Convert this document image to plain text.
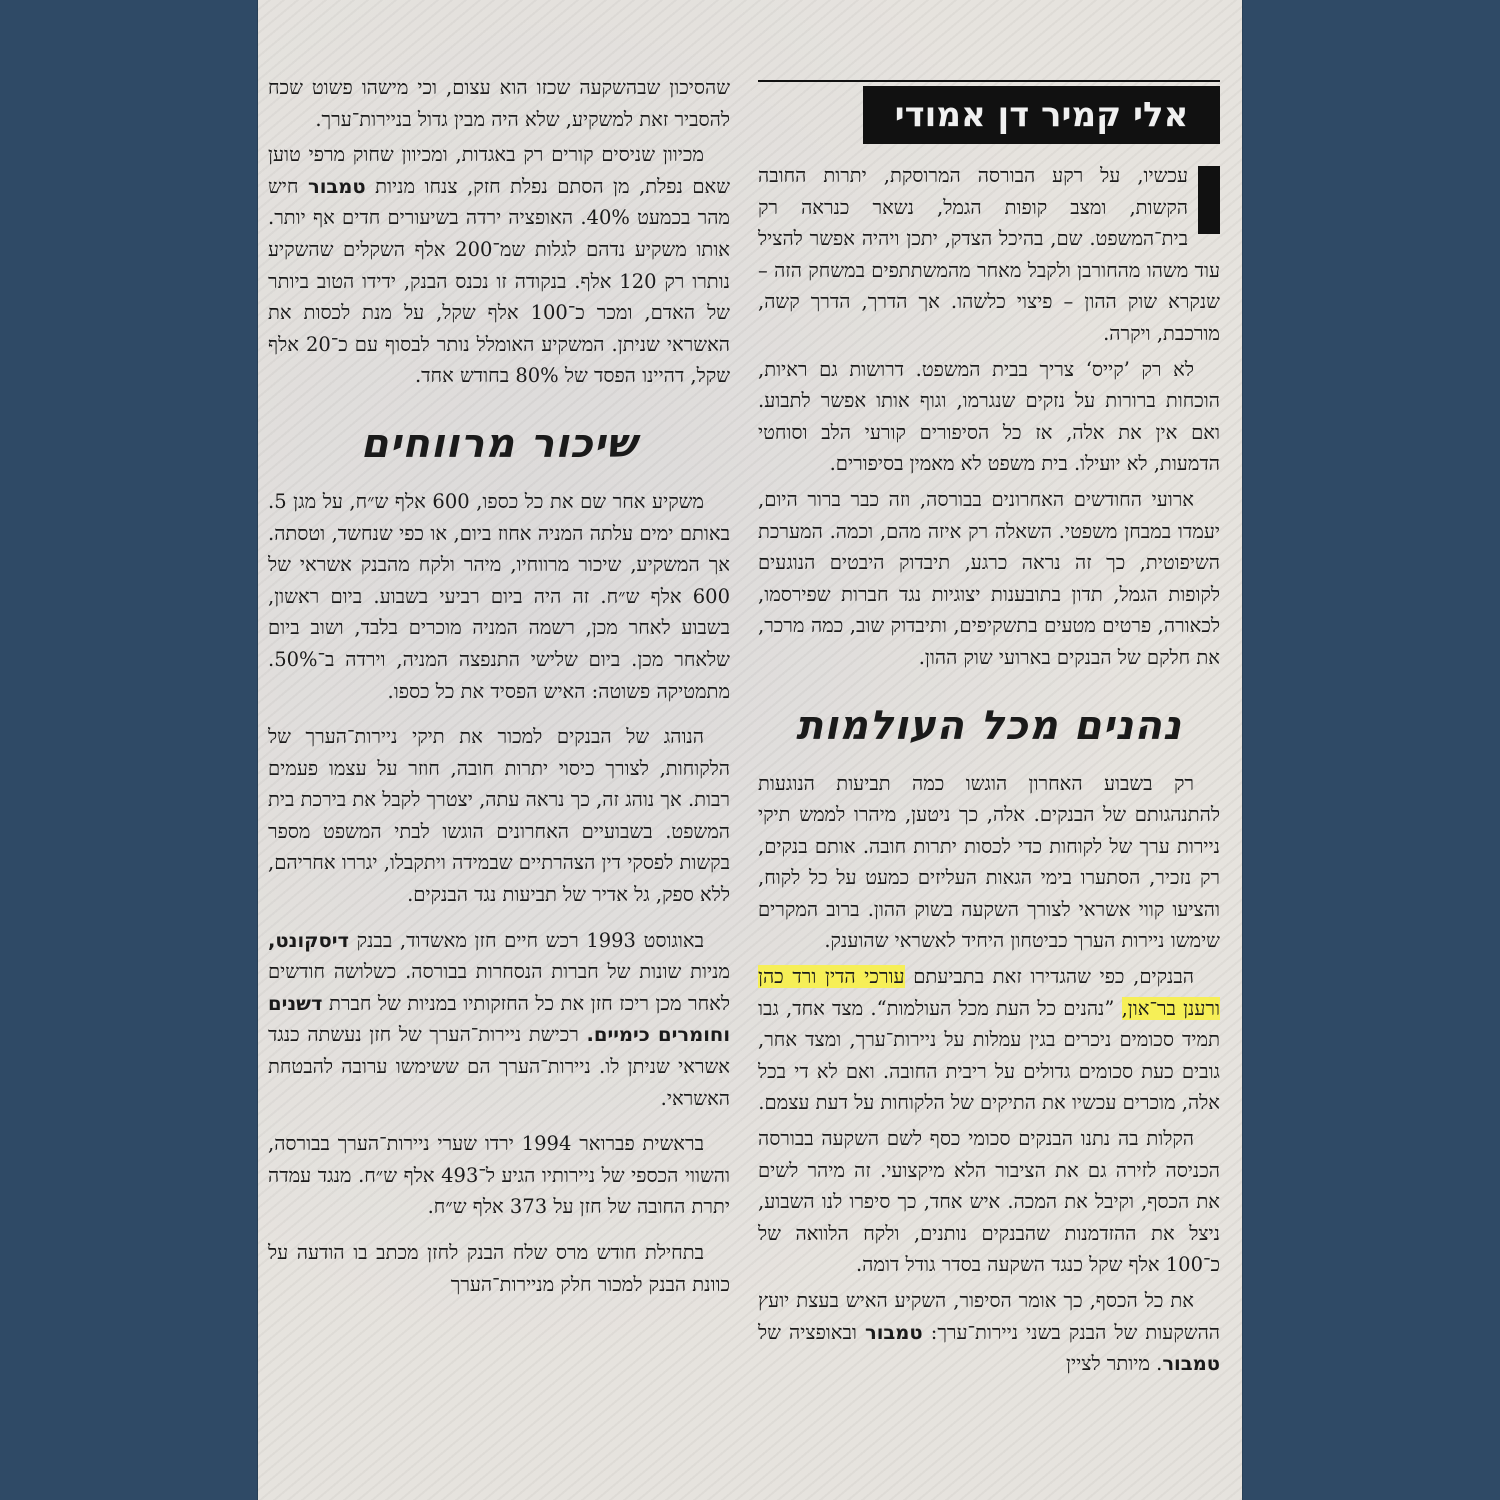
אלי קמיר דן אמודי

עכשיו, על רקע הבורסה המרוסקת, יתרות החובה הקשות, ומצב קופות הגמל, נשאר כנראה רק בית־המשפט. שם, בהיכל הצדק, יתכן ויהיה אפשר להציל עוד משהו מהחורבן ולקבל מאחר מהמשתתפים במשחק הזה – שנקרא שוק ההון – פיצוי כלשהו. אך הדרך, הדרך קשה, מורכבת, ויקרה.

לא רק ’קייס‘ צריך בבית המשפט. דרושות גם ראיות, הוכחות ברורות על נזקים שנגרמו, וגוף אותו אפשר לתבוע. ואם אין את אלה, אז כל הסיפורים קורעי הלב וסוחטי הדמעות, לא יועילו. בית משפט לא מאמין בסיפורים.

ארועי החודשים האחרונים בבורסה, וזה כבר ברור היום, יעמדו במבחן משפטי. השאלה רק איזה מהם, וכמה. המערכת השיפוטית, כך זה נראה כרגע, תיבדוק היבטים הנוגעים לקופות הגמל, תדון בתובענות יצוגיות נגד חברות שפירסמו, לכאורה, פרטים מטעים בתשקיפים, ותיבדוק שוב, כמה מרכר, את חלקם של הבנקים בארועי שוק ההון.

נהנים מכל העולמות

רק בשבוע האחרון הוגשו כמה תביעות הנוגעות להתנהגותם של הבנקים. אלה, כך ניטען, מיהרו לממש תיקי ניירות ערך של לקוחות כדי לכסות יתרות חובה. אותם בנקים, רק נזכיר, הסתערו בימי הגאות העליזים כמעט על כל לקוח, והציעו קווי אשראי לצורך השקעה בשוק ההון. ברוב המקרים שימשו ניירות הערך כביטחון היחיד לאשראי שהוענק.

הבנקים, כפי שהגדירו זאת בתביעתם עורכי הדין ורד כהן ורענן בר־און, ”נהנים כל העת מכל העולמות“. מצד אחד, גבו תמיד סכומים ניכרים בגין עמלות על ניירות־ערך, ומצד אחר, גובים כעת סכומים גדולים על ריבית החובה. ואם לא די בכל אלה, מוכרים עכשיו את התיקים של הלקוחות על דעת עצמם.

הקלות בה נתנו הבנקים סכומי כסף לשם השקעה בבורסה הכניסה לזירה גם את הציבור הלא מיקצועי. זה מיהר לשים את הכסף, וקיבל את המכה. איש אחד, כך סיפרו לנו השבוע, ניצל את ההזדמנות שהבנקים נותנים, ולקח הלוואה של כ־100 אלף שקל כנגד השקעה בסדר גודל דומה.

את כל הכסף, כך אומר הסיפור, השקיע האיש בעצת יועץ ההשקעות של הבנק בשני ניירות־ערך: טמבור ובאופציה של טמבור. מיותר לציין

שהסיכון שבהשקעה שכזו הוא עצום, וכי מישהו פשוט שכח להסביר זאת למשקיע, שלא היה מבין גדול בניירות־ערך.

מכיוון שניסים קורים רק באגדות, ומכיוון שחוק מרפי טוען שאם נפלת, מן הסתם נפלת חזק, צנחו מניות טמבור חיש מהר בכמעט 40%. האופציה ירדה בשיעורים חדים אף יותר. אותו משקיע נדהם לגלות שמ־200 אלף השקלים שהשקיע נותרו רק 120 אלף. בנקודה זו נכנס הבנק, ידידו הטוב ביותר של האדם, ומכר כ־100 אלף שקל, על מנת לכסות את האשראי שניתן. המשקיע האומלל נותר לבסוף עם כ־20 אלף שקל, דהיינו הפסד של 80% בחודש אחד.

שיכור מרווחים

משקיע אחר שם את כל כספו, 600 אלף ש״ח, על מגן 5. באותם ימים עלתה המניה אחוז ביום, או כפי שנחשד, וטסתה. אך המשקיע, שיכור מרווחיו, מיהר ולקח מהבנק אשראי של 600 אלף ש״ח. זה היה ביום רביעי בשבוע. ביום ראשון, בשבוע לאחר מכן, רשמה המניה מוכרים בלבד, ושוב ביום שלאחר מכן. ביום שלישי התנפצה המניה, וירדה ב־50%. מתמטיקה פשוטה: האיש הפסיד את כל כספו.

הנוהג של הבנקים למכור את תיקי ניירות־הערך של הלקוחות, לצורך כיסוי יתרות חובה, חוזר על עצמו פעמים רבות. אך נוהג זה, כך נראה עתה, יצטרך לקבל את בירכת בית המשפט. בשבועיים האחרונים הוגשו לבתי המשפט מספר בקשות לפסקי דין הצהרתיים שבמידה ויתקבלו, יגררו אחריהם, ללא ספק, גל אדיר של תביעות נגד הבנקים.

באוגוסט 1993 רכש חיים חזן מאשדוד, בבנק דיסקונט, מניות שונות של חברות הנסחרות בבורסה. כשלושה חודשים לאחר מכן ריכז חזן את כל החזקותיו במניות של חברת דשנים וחומרים כימיים. רכישת ניירות־הערך של חזן נעשתה כנגד אשראי שניתן לו. ניירות־הערך הם ששימשו ערובה להבטחת האשראי.

בראשית פברואר 1994 ירדו שערי ניירות־הערך בבורסה, והשווי הכספי של ניירותיו הגיע ל־493 אלף ש״ח. מנגד עמדה יתרת החובה של חזן על 373 אלף ש״ח.

בתחילת חודש מרס שלח הבנק לחזן מכתב בו הודעה על כוונת הבנק למכור חלק מניירות־הערך
